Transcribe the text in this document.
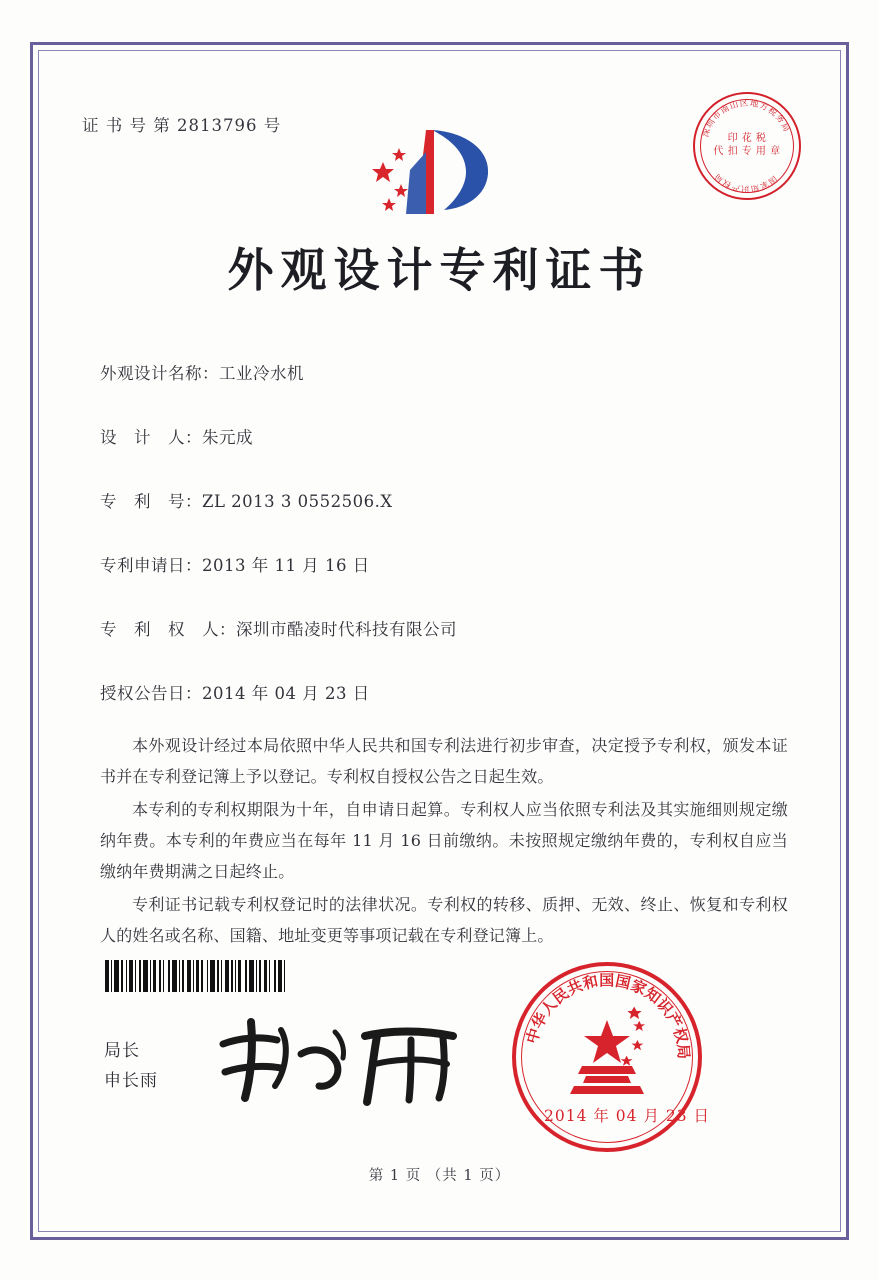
证 书 号 第 2813796 号	深
圳
市
南
山 区 地 方
税
务
局
国
家
知
识
产
权
局
印 花 税
代 扣 专 用 章
外观设计专利证书
外观设计名称： 工业冷水机
设　计　人： 朱元成
专　利　号： ZL 2013 3 0552506.X
专利申请日： 2013 年 11 月 16 日
专　利　权　人： 深圳市酷凌时代科技有限公司
授权公告日： 2014 年 04 月 23 日

本外观设计经过本局依照中华人民共和国专利法进行初步审查，决定授予专利权，颁发本证书并在专利登记簿上予以登记。专利权自授权公告之日起生效。

本专利的专利权期限为十年，自申请日起算。专利权人应当依照专利法及其实施细则规定缴纳年费。本专利的年费应当在每年 11 月 16 日前缴纳。未按照规定缴纳年费的，专利权自应当缴纳年费期满之日起终止。

专利证书记载专利权登记时的法律状况。专利权的转移、质押、无效、终止、恢复和专利权人的姓名或名称、国籍、地址变更等事项记载在专利登记簿上。

局长
申长雨
中
华
人
民
共
和 国 国
家
知
识
产
权
局
2014 年 04 月 23 日
第 1 页 （共 1 页）
